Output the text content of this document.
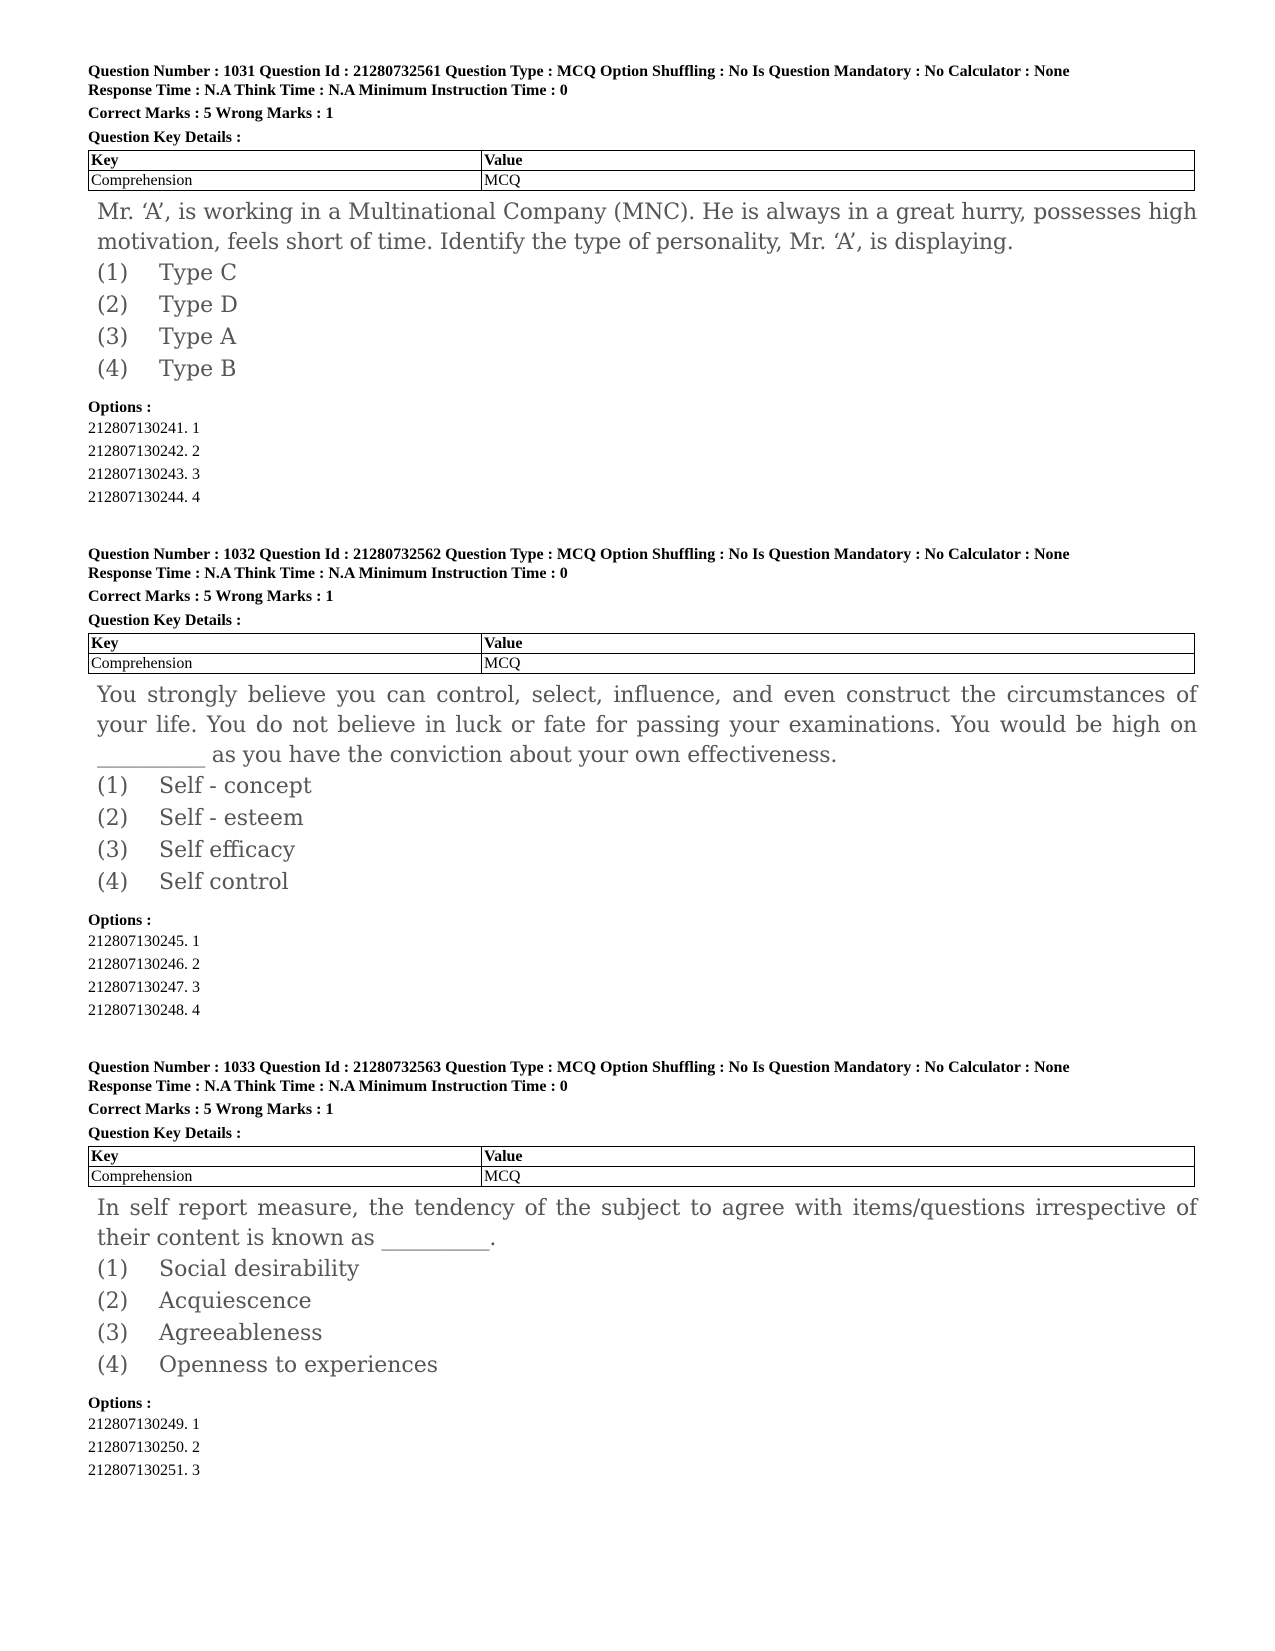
Question Number : 1031 Question Id : 21280732561 Question Type : MCQ Option Shuffling : No Is Question Mandatory : No Calculator : None
Response Time : N.A Think Time : N.A Minimum Instruction Time : 0
Correct Marks : 5 Wrong Marks : 1
Question Key Details :
Key	Value
Comprehension	MCQ
Mr. ‘A’, is working in a Multinational Company (MNC). He is always in a great hurry, possesses high motivation, feels short of time. Identify the type of personality, Mr. ‘A’, is displaying.
(1)	Type C
(2)	Type D
(3)	Type A
(4)	Type B
Options :
212807130241. 1
212807130242. 2
212807130243. 3
212807130244. 4
Question Number : 1032 Question Id : 21280732562 Question Type : MCQ Option Shuffling : No Is Question Mandatory : No Calculator : None
Response Time : N.A Think Time : N.A Minimum Instruction Time : 0
Correct Marks : 5 Wrong Marks : 1
Question Key Details :
Key	Value
Comprehension	MCQ
You strongly believe you can control, select, influence, and even construct the circumstances of your life. You do not believe in luck or fate for passing your examinations. You would be high on __________ as you have the conviction about your own effectiveness.
(1)	Self - concept
(2)	Self - esteem
(3)	Self efficacy
(4)	Self control
Options :
212807130245. 1
212807130246. 2
212807130247. 3
212807130248. 4
Question Number : 1033 Question Id : 21280732563 Question Type : MCQ Option Shuffling : No Is Question Mandatory : No Calculator : None
Response Time : N.A Think Time : N.A Minimum Instruction Time : 0
Correct Marks : 5 Wrong Marks : 1
Question Key Details :
Key	Value
Comprehension	MCQ
In self report measure, the tendency of the subject to agree with items/questions irrespective of their content is known as __________.
(1)	Social desirability
(2)	Acquiescence
(3)	Agreeableness
(4)	Openness to experiences
Options :
212807130249. 1
212807130250. 2
212807130251. 3
